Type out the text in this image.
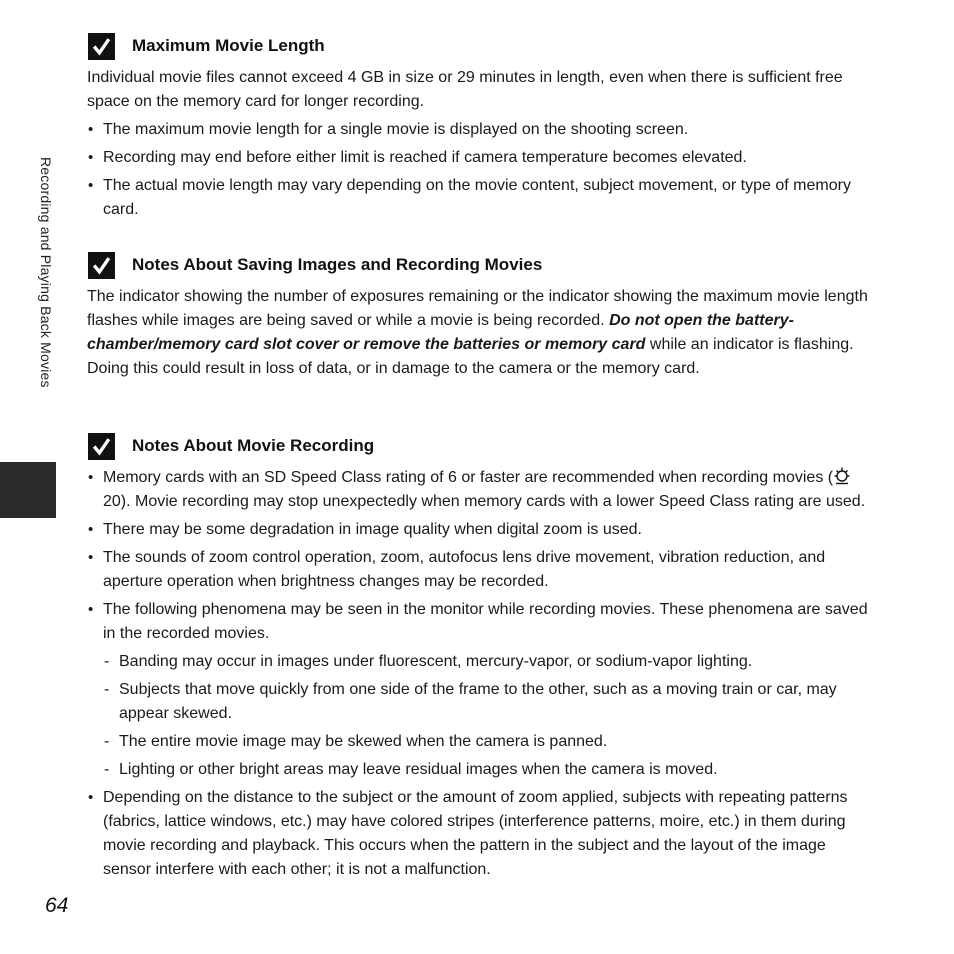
Recording and Playing Back Movies
Maximum Movie Length

Individual movie files cannot exceed 4 GB in size or 29 minutes in length, even when there is sufficient free space on the memory card for longer recording.

• The maximum movie length for a single movie is displayed on the shooting screen.
• Recording may end before either limit is reached if camera temperature becomes elevated.
• The actual movie length may vary depending on the movie content, subject movement, or type of memory card.
Notes About Saving Images and Recording Movies

The indicator showing the number of exposures remaining or the indicator showing the maximum movie length flashes while images are being saved or while a movie is being recorded. Do not open the battery-chamber/memory card slot cover or remove the batteries or memory card while an indicator is flashing. Doing this could result in loss of data, or in damage to the camera or the memory card.

Notes About Movie Recording
• Memory cards with an SD Speed Class rating of 6 or faster are recommended when recording movies (20). Movie recording may stop unexpectedly when memory cards with a lower Speed Class rating are used.
• There may be some degradation in image quality when digital zoom is used.
• The sounds of zoom control operation, zoom, autofocus lens drive movement, vibration reduction, and aperture operation when brightness changes may be recorded.
• The following phenomena may be seen in the monitor while recording movies. These phenomena are saved in the recorded movies.
- Banding may occur in images under fluorescent, mercury-vapor, or sodium-vapor lighting.
- Subjects that move quickly from one side of the frame to the other, such as a moving train or car, may appear skewed.
- The entire movie image may be skewed when the camera is panned.
- Lighting or other bright areas may leave residual images when the camera is moved.
• Depending on the distance to the subject or the amount of zoom applied, subjects with repeating patterns (fabrics, lattice windows, etc.) may have colored stripes (interference patterns, moire, etc.) in them during movie recording and playback. This occurs when the pattern in the subject and the layout of the image sensor interfere with each other; it is not a malfunction.
64
